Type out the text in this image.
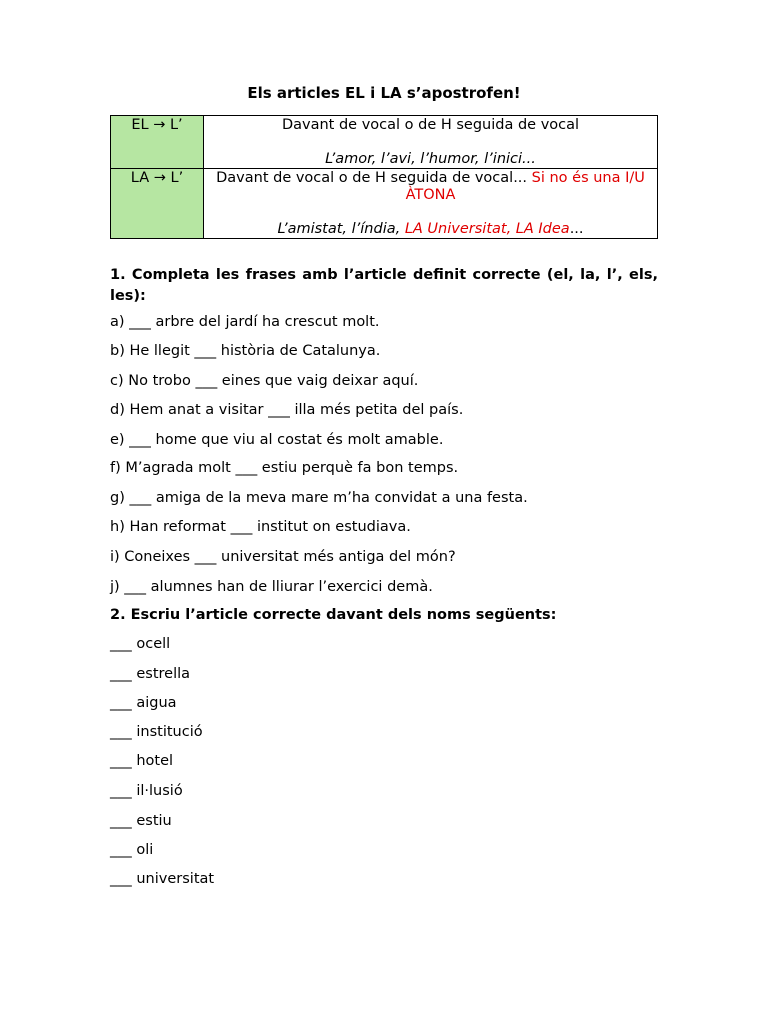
Els articles EL i LA s’apostrofen!
EL → L’	Davant de vocal o de H seguida de vocal
L’amor, l’avi, l’humor, l’inici...

LA → L’	Davant de vocal o de H seguida de vocal... Si no és una I/U ÀTONA
L’amistat, l’índia, LA Universitat, LA Idea...
1. Completa les frases amb l’article definit correcte (el, la, l’, els, les):
a) ___ arbre del jardí ha crescut molt.
b) He llegit ___ història de Catalunya.
c) No trobo ___ eines que vaig deixar aquí.
d) Hem anat a visitar ___ illa més petita del país.
e) ___ home que viu al costat és molt amable.
f) M’agrada molt ___ estiu perquè fa bon temps.
g) ___ amiga de la meva mare m’ha convidat a una festa.
h) Han reformat ___ institut on estudiava.
i) Coneixes ___ universitat més antiga del món?
j) ___ alumnes han de lliurar l’exercici demà.
2. Escriu l’article correcte davant dels noms següents:
___ ocell
___ estrella
___ aigua
___ institució
___ hotel
___ il·lusió
___ estiu
___ oli
___ universitat
